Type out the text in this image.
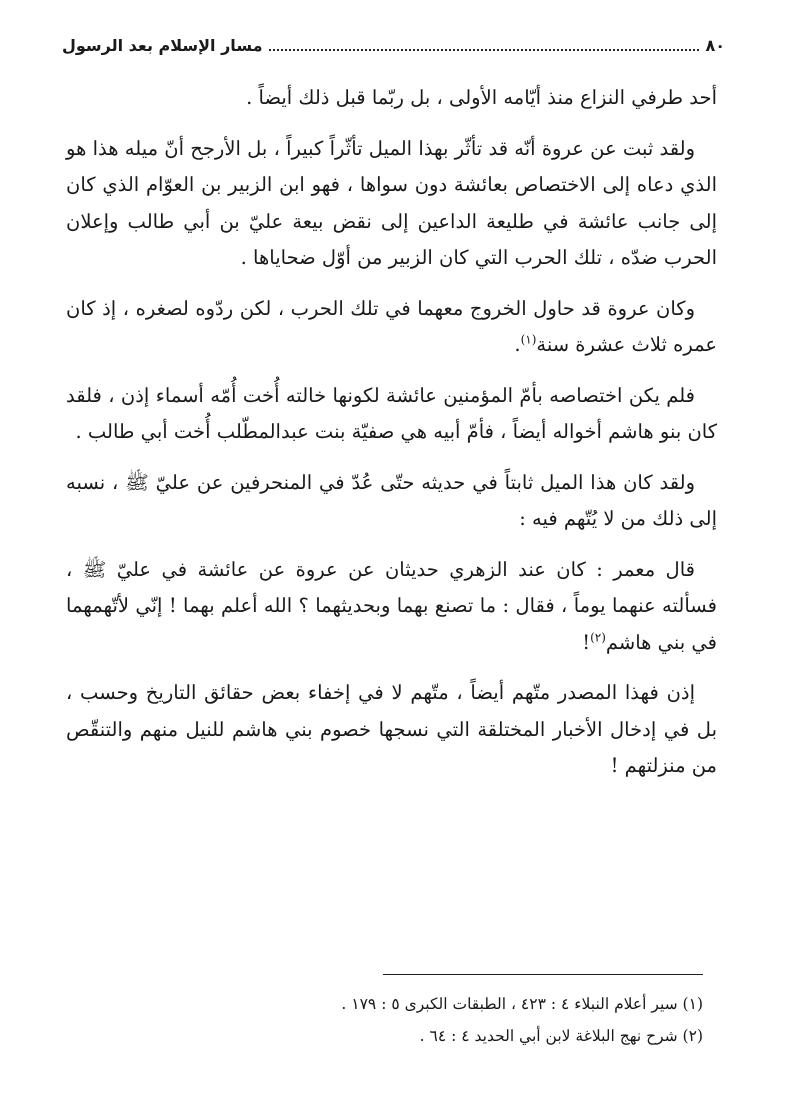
٨٠
مسار الإسلام بعد الرسول

أحد طرفي النزاع منذ أيّامه الأولى ، بل ربّما قبل ذلك أيضاً .

ولقد ثبت عن عروة أنّه قد تأثّر بهذا الميل تأثّراً كبيراً ، بل الأرجح أنّ ميله هذا هو الذي دعاه إلى الاختصاص بعائشة دون سواها ، فهو ابن الزبير بن العوّام الذي كان إلى جانب عائشة في طليعة الداعين إلى نقض بيعة عليّ بن أبي طالب وإعلان الحرب ضدّه ، تلك الحرب التي كان الزبير من أوّل ضحاياها .

وكان عروة قد حاول الخروج معهما في تلك الحرب ، لكن ردّوه لصغره ، إذ كان عمره ثلاث عشرة سنة$^{(١)}$.

فلم يكن اختصاصه بأمّ المؤمنين عائشة لكونها خالته أُخت أُمّه أسماء إذن ، فلقد كان بنو هاشم أخواله أيضاً ، فأمّ أبيه هي صفيّة بنت عبدالمطّلب أُخت أبي طالب .

ولقد كان هذا الميل ثابتاً في حديثه حتّى عُدّ في المنحرفين عن عليّ ﷺ ، نسبه إلى ذلك من لا يُتّهم فيه :

قال معمر : كان عند الزهري حديثان عن عروة عن عائشة في عليّ ﷺ ، فسألته عنهما يوماً ، فقال : ما تصنع بهما وبحديثهما ؟ الله أعلم بهما ! إنّي لأتّهمهما في بني هاشم$^{(٢)}$!

إذن فهذا المصدر متّهم أيضاً ، متّهم لا في إخفاء بعض حقائق التاريخ وحسب ، بل في إدخال الأخبار المختلقة التي نسجها خصوم بني هاشم للنيل منهم والتنقّص من منزلتهم !

(١) سير أعلام النبلاء ٤ : ٤٢٣ ، الطبقات الكبرى ٥ : ١٧٩ .

(٢) شرح نهج البلاغة لابن أبي الحديد ٤ : ٦٤ .
